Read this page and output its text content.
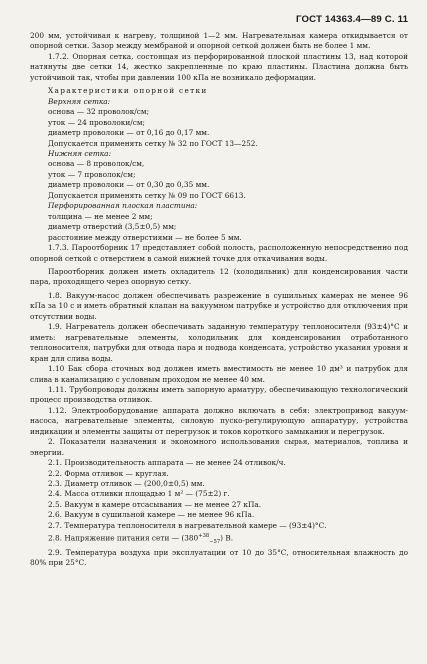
ГОСТ 14363.4—89 С. 11

200 мм, устойчивая к нагреву, толщиной 1—2 мм. Нагревательная камера откидывается от опорной сетки. Зазор между мембраной и опорной сеткой должен быть не более 1 мм.

1.7.2. Опорная сетка, состоящая из перфорированной плоской пластины 13, над которой натянуты две сетки 14, жестко закрепленные по краю пластины. Пластина должна быть устойчивой так, чтобы при давлении 100 кПа не возникало деформации.

Характеристики опорной сетки

Верхняя сетка:

основа — 32 проволок/см;

уток — 24 проволоки/см;

диаметр проволоки — от 0,16 до 0,17 мм.

Допускается применять сетку № 32 по ГОСТ 13—252.

Нижняя сетка:

основа — 8 проволок/см,

уток — 7 проволок/см;

диаметр проволоки — от 0,30 до 0,35 мм.

Допускается применять сетку № 09 по ГОСТ 6613.

Перфорированная плоская пластина:

толщина — не менее 2 мм;

диаметр отверстий (3,5±0,5) мм;

расстояние между отверстиями — не более 5 мм.

1.7.3. Пароотборник 17 представляет собой полость, расположенную непосредственно под опорной сеткой с отверстием в самой нижней точке для откачивания воды.

Пароотборник должен иметь охладитель 12 (холодильник) для конденсирования части пара, проходящего через опорную сетку.

1.8. Вакуум-насос должен обеспечивать разрежение в сушильных камерах не менее 96 кПа за 10 с и иметь обратный клапан на вакуумном патрубке и устройство для отключения при отсутствии воды.

1.9. Нагреватель должен обеспечивать заданную температуру теплоносителя (93±4)°С и иметь: нагревательные элементы, холодильник для конденсирования отработанного теплоносителя, патрубки для отвода пара и подвода конденсата, устройство указания уровня и кран для слива воды.

1.10 Бак сбора сточных вод должен иметь вместимость не менее 10 дм³ и патрубок для слива в канализацию с условным проходом не менее 40 мм.

1.11. Трубопроводы должны иметь запорную арматуру, обеспечивающую технологический процесс производства отливок.

1.12. Электрооборудование аппарата должно включать в себя: электропривод вакуум-насоса, нагревательные элементы, силовую пуско-регулирующую аппаратуру, устройства индикации и элементы защиты от перегрузок и токов короткого замыкания и перегрузок.

2. Показатели назначения и экономного использования сырья, материалов, топлива и энергии.

2.1. Производительность аппарата — не менее 24 отливок/ч.

2.2. Форма отливок — круглая.

2.3. Диаметр отливок — (200,0±0,5) мм.

2.4. Масса отливки площадью 1 м² — (75±2) г.

2.5. Вакуум в камере отсасывания — не менее 27 кПа.

2.6. Вакуум в сушильной камере — не менее 96 кПа.

2.7. Температура теплоносителя в нагревательной камере — (93±4)°С.

2.8. Напряжение питания сети — $(380^{+38}_{-57})$ В.

2.9. Температура воздуха при эксплуатации от 10 до 35°С, относительная влажность до 80% при 25°С.
